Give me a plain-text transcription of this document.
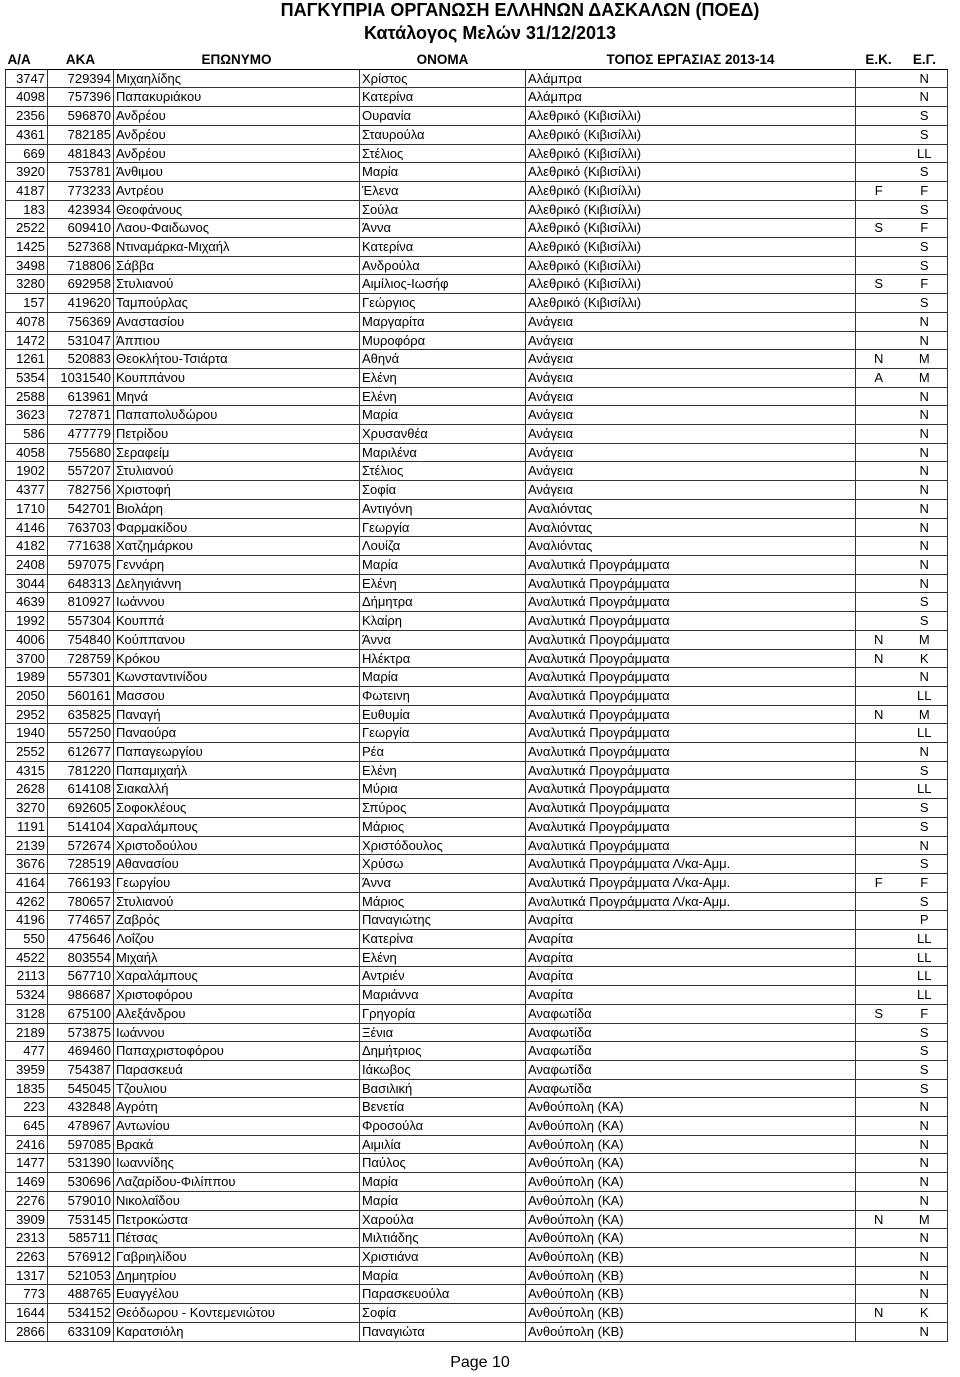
ΠΑΓΚΥΠΡΙΑ ΟΡΓΑΝΩΣΗ ΕΛΛΗΝΩΝ ΔΑΣΚΑΛΩΝ (ΠΟΕΔ)
Κατάλογος Μελών 31/12/2013
Α/Α	ΑΚΑ	ΕΠΩΝΥΜΟ	ΟΝΟΜΑ	ΤΟΠΟΣ ΕΡΓΑΣΙΑΣ 2013-14	Ε.Κ.	Ε.Γ.
3747	729394	Μιχαηλίδης	Χρίστος	Αλάμπρα		N
4098	757396	Παπακυριάκου	Κατερίνα	Αλάμπρα		N
2356	596870	Ανδρέου	Ουρανία	Αλεθρικό (Κιβισίλλι)		S
4361	782185	Ανδρέου	Σταυρούλα	Αλεθρικό (Κιβισίλλι)		S
669	481843	Ανδρέου	Στέλιος	Αλεθρικό (Κιβισίλλι)		LL
3920	753781	Άνθιμου	Μαρία	Αλεθρικό (Κιβισίλλι)		S
4187	773233	Αντρέου	Έλενα	Αλεθρικό (Κιβισίλλι)	F	F
183	423934	Θεοφάνους	Σούλα	Αλεθρικό (Κιβισίλλι)		S
2522	609410	Λαου-Φαιδωνος	Άννα	Αλεθρικό (Κιβισίλλι)	S	F
1425	527368	Ντιναμάρκα-Μιχαήλ	Κατερίνα	Αλεθρικό (Κιβισίλλι)		S
3498	718806	Σάββα	Ανδρούλα	Αλεθρικό (Κιβισίλλι)		S
3280	692958	Στυλιανού	Αιμίλιος-Ιωσήφ	Αλεθρικό (Κιβισίλλι)	S	F
157	419620	Ταμπούρλας	Γεώργιος	Αλεθρικό (Κιβισίλλι)		S
4078	756369	Αναστασίου	Μαργαρίτα	Ανάγεια		N
1472	531047	Άππιου	Μυροφόρα	Ανάγεια		N
1261	520883	Θεοκλήτου-Τσιάρτα	Αθηνά	Ανάγεια	N	M
5354	1031540	Κουππάνου	Ελένη	Ανάγεια	A	M
2588	613961	Μηνά	Ελένη	Ανάγεια		N
3623	727871	Παπαπολυδώρου	Μαρία	Ανάγεια		N
586	477779	Πετρίδου	Χρυσανθέα	Ανάγεια		N
4058	755680	Σεραφείμ	Μαριλένα	Ανάγεια		N
1902	557207	Στυλιανού	Στέλιος	Ανάγεια		N
4377	782756	Χριστοφή	Σοφία	Ανάγεια		N
1710	542701	Βιολάρη	Αντιγόνη	Αναλιόντας		N
4146	763703	Φαρμακίδου	Γεωργία	Αναλιόντας		N
4182	771638	Χατζημάρκου	Λουίζα	Αναλιόντας		N
2408	597075	Γεννάρη	Μαρία	Αναλυτικά Προγράμματα		N
3044	648313	Δεληγιάννη	Ελένη	Αναλυτικά Προγράμματα		N
4639	810927	Ιωάννου	Δήμητρα	Αναλυτικά Προγράμματα		S
1992	557304	Κουππά	Κλαίρη	Αναλυτικά Προγράμματα		S
4006	754840	Κούππανου	Άννα	Αναλυτικά Προγράμματα	N	M
3700	728759	Κρόκου	Ηλέκτρα	Αναλυτικά Προγράμματα	N	K
1989	557301	Κωνσταντινίδου	Μαρία	Αναλυτικά Προγράμματα		N
2050	560161	Μασσου	Φωτεινη	Αναλυτικά Προγράμματα		LL
2952	635825	Παναγή	Ευθυμία	Αναλυτικά Προγράμματα	N	M
1940	557250	Παναούρα	Γεωργία	Αναλυτικά Προγράμματα		LL
2552	612677	Παπαγεωργίου	Ρέα	Αναλυτικά Προγράμματα		N
4315	781220	Παπαμιχαήλ	Ελένη	Αναλυτικά Προγράμματα		S
2628	614108	Σιακαλλή	Μύρια	Αναλυτικά Προγράμματα		LL
3270	692605	Σοφοκλέους	Σπύρος	Αναλυτικά Προγράμματα		S
1191	514104	Χαραλάμπους	Μάριος	Αναλυτικά Προγράμματα		S
2139	572674	Χριστοδούλου	Χριστόδουλος	Αναλυτικά Προγράμματα		N
3676	728519	Αθανασίου	Χρύσω	Αναλυτικά Προγράμματα Λ/κα-Αμμ.		S
4164	766193	Γεωργίου	Άννα	Αναλυτικά Προγράμματα Λ/κα-Αμμ.	F	F
4262	780657	Στυλιανού	Μάριος	Αναλυτικά Προγράμματα Λ/κα-Αμμ.		S
4196	774657	Ζαβρός	Παναγιώτης	Αναρίτα		P
550	475646	Λοΐζου	Κατερίνα	Αναρίτα		LL
4522	803554	Μιχαήλ	Ελένη	Αναρίτα		LL
2113	567710	Χαραλάμπους	Αντριέν	Αναρίτα		LL
5324	986687	Χριστοφόρου	Μαριάννα	Αναρίτα		LL
3128	675100	Αλεξάνδρου	Γρηγορία	Αναφωτίδα	S	F
2189	573875	Ιωάννου	Ξένια	Αναφωτίδα		S
477	469460	Παπαχριστοφόρου	Δημήτριος	Αναφωτίδα		S
3959	754387	Παρασκευά	Ιάκωβος	Αναφωτίδα		S
1835	545045	Τζουλιου	Βασιλική	Αναφωτίδα		S
223	432848	Αγρότη	Βενετία	Ανθούπολη (ΚΑ)		N
645	478967	Αντωνίου	Φροσούλα	Ανθούπολη (ΚΑ)		N
2416	597085	Βρακά	Αιμιλία	Ανθούπολη (ΚΑ)		N
1477	531390	Ιωαννίδης	Παύλος	Ανθούπολη (ΚΑ)		N
1469	530696	Λαζαρίδου-Φιλίππου	Μαρία	Ανθούπολη (ΚΑ)		N
2276	579010	Νικολαΐδου	Μαρία	Ανθούπολη (ΚΑ)		N
3909	753145	Πετροκώστα	Χαρούλα	Ανθούπολη (ΚΑ)	N	M
2313	585711	Πέτσας	Μιλτιάδης	Ανθούπολη (ΚΑ)		N
2263	576912	Γαβριηλίδου	Χριστιάνα	Ανθούπολη (ΚΒ)		N
1317	521053	Δημητρίου	Μαρία	Ανθούπολη (ΚΒ)		N
773	488765	Ευαγγέλου	Παρασκευούλα	Ανθούπολη (ΚΒ)		N
1644	534152	Θεόδωρου - Κοντεμενιώτου	Σοφία	Ανθούπολη (ΚΒ)	N	K
2866	633109	Καρατσιόλη	Παναγιώτα	Ανθούπολη (ΚΒ)		N
Page 10
